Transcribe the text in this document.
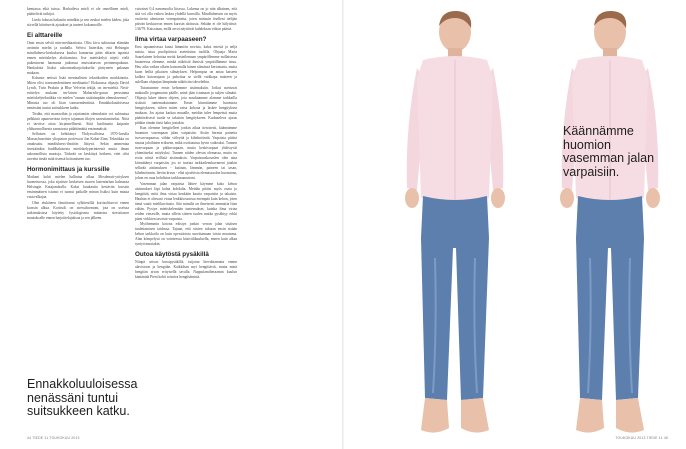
kemiassa eikä tuissa. Harhaileva mieli ei ole onnellinen mieli, päättelivät tutkijat.

Linda fokusta hakusiin mindkin ja sen avukai mielen käden, joka siirrellä häiritsevät ajatukset ja tunteet kokonnoille.

Ei alttareille

Onin ensin selviä niin-meditaatiosta. Olisi kivu suhtautua elämään avoimin mielin ja rauhalla. Selvisi lisäerikin, että Helsingin mindfulness-keskuksessa kuulua kumartua pään alttarin tapaista ennen mietiskelyn aloittamista. Itse mietiskelyä näytti vielä pukeutuvan harmaata judoasua muistuttavan perinneupukuun. Hankaloita liiaksi uskonnonharjoitukselta pintyneen pakanan mukaan.

Kohasin netissä lisää mentaalisten tekniikoiden markkinoita. Miten olisi transsendenttinen meditaatio? Elokuussa ohjaaja David Lynch, Twin Peaksin ja Blue Velvetin tekijä, on tm-miehiä. Netti-esittelyn mukaan tm-laisen Maharishi-gurun perustama mietiskelytekniikka vie mielen "omaan sisäisimpään olemukseensa". Minusta tuo oli liian transsendenttistä. Ennakkokuuloisessa nenässäni tuntui suitsukkeen katku.

Tiedän, että mantroihin ja rajattomiin olemuksiin voi suhtautua pelkkinä apuneuvoina tietyn tajunnan tilojen saavuttamiseksi. Niitä ei tarvitse ottaa kirjaimellisesti. Siitä huolimatta kaipasin yläluonnollisesta sanastosta pidättämättä ensimmäistä.

Selfaisen on kehittänyt Yhdysvalloissa 1970-luvulla Massachusettsin yliopiston professori Jon Kabat-Zinn. Tekniikka on omaksuttu mindfulness-ilmiöön liittyvä. Sekin ammentaa itsestäänkin buddhalaisesta mietiskelyperinteestä mutta ilman uskonnollisia muotoja. Tärkeää on keskittyä hetkeen, ettei olisi tarvetta tietää mitä itsensä hoitamiseen tuo.

Hormonimittaus ja kurssille

Matkani kohti mielen hallintaa alkaa Mosdenutt-yrityksen huoneistossa, joka sijaitsee keskeisen suuren lastentarhan kulmassa Helsingin Katajanokalla. Kaksi kuukautta kestävän kurssin ensimmäinen istunto ei tuonut paikalle minun lisäksi kuin muuta vasta-alkajaa.

Olen etukäteen ilmoittanut sylkitestillä kortisolitarvot ennen kurssin alkua. Kortisoli on stressihormoni, jota on useissa tutkimuksissa käytetty fysiologisena mittarina stressitason muutokselle ennen harjoittelujaksoa ja sen jälkeen.

vaivaiset 0,4 nanomoolia litrassa. Lukema on jo niin alhainen, että sitä voi olla vaikea laskea yhdellä kurssilla. Mindfulnessin on myös osoitettu alentavan verenpainetta, joten mittasin itselleni nelijän päivän keskiarvon ennen kurssin aloitusta. Sekään ei ole hälyttävä: 136/79. Katsotaan, millä arvot näyttävät kahdeksan viikon päästä.

Ilma virtaa varpaaseen?

Ensi tapaamisessa kuusi lämmiön novisia, kaksi miestä ja neljä naista, istuu puolipiirissä asetettuina tuolilla. Ohjaaja Maria Saarelainen kehottaa meitä kasteilemaan ympäröllemme millaisessa huoneessa olemme, minkä näköisiä ihmisiä ympärillämme istuu. Hm, aika vaikea olkein katsomalla hänen silmänsä kertomatta, mutta kuon heiltä pikaisen silmäyksen. Helpompaa on antaa katseen kulkea katonrajaan ja puhottaa se siellä vaikkapa matteen ja sulellaan ohjaajan lämpimän näköisiin tohveleihin.

Tutustumme ensin kehomme aistimuksiin. Jotkut asettuvat makuulle joogamaton päälle, minä jään istumaan ja suljen silmäni. Ohjaaja lukee äänen ohjeen, jota noudatamme alamme tarkkailla sisäisiä tuntemuksiamme. Ensin kiinnitämme huomiota hengitykseen, siihen miten vatsa kohoaa ja laskee hengityksen mukaan. Jos ajatus karkaa muualle, meidän tulee lempeästi mutta päättäväisesti tuoda se takaisin hengitykseen. Karkuteleva ajatus pitäkin tämän tästä haku jostakin.

Kun olemme hengitelleet jonkin aikaa tietoisesti, käännämme huomion vasempaan jalan varpaisiin. Aistin hermia paineita isovarvaspaassa, vähän viileyttä ja kihelmöintiä. Varpaista pitäisi nastaa jaloihinen erikseen, mikä osoittautuu hyvin vaikeaksi. Tunnen isonvarpaan ja pikkuvarpaan, mutta keskivarpaat yhdistyvät yhtenäiseksi möykyksi. Tunnen niiden olevan olemassa, mutta en erota niistä erillisiä aistimuksia. Varpaisuuskosaslen olen aina kiinnittänyt varpaisiin, jos se tuottaa tarkkaileenkuvaneni jotakin selkeää aistimuksen - kutinan, lämmön, paineen tai tasan, kihelmöinnin, lievän kivun - elää ujoalvista elemassaolon huomiona, johon en osaa kohdistaa tarkkasanontani.

Vasemman jalan varpaista lähtee käymme koko kehon aistimukset läpi kohta kohdalta. Meidän pitäisi myös osata jo hengittää, mitä ilma virtaa kenkään kautta varpaisiin ja takaisin. Hauhan ei ohesani virtaa lenkkitossuissa enempää kuin kehon, joten tämä vaatii mielikuvitusta. Sitä minulla on ilmeisesti ammattia liian vähän. Pystyn mietiskelemään tuntemukset, kuinka ilma virtaa reiden vierasille, mutta sillein siiteen tuulen matka pysähtyy erkki pieni virkkien tasoista varpaista.

Myöhemmin kotona edistyn jonkin verran jalan sisäisen tuulettamisen taidossa. Tajuan, että siisten tuloaan ensin sisään kehon tarkkailu on kuin operatioista suorittamaan toisin muutama. Alan kömpelysä on vointeessa käsivälikuuluella, ennen kuin alkaa syntyä muutakin.

Outoa käytöstä pysäkillä

Niinpä seison bussipysäkillä, tuijotan hievahtamatta ennen alavistoon ja hengitän. Kaikkihan myt hengittävät, mutta minä hengitän aivan erityisellä tavalla. Nappulamilteraamin kuulun käntäntää Pieni kohti toimiva hengittämistä.

Ennakkoluuloisessa nenässäni tuntui suitsukkeen katku.
44 TIEDE 11 TOUKOKUU 2013
Käännämme huomion vasemman jalan varpaisiin.
TOUKOKUU 2013 TIEDE 11 45
